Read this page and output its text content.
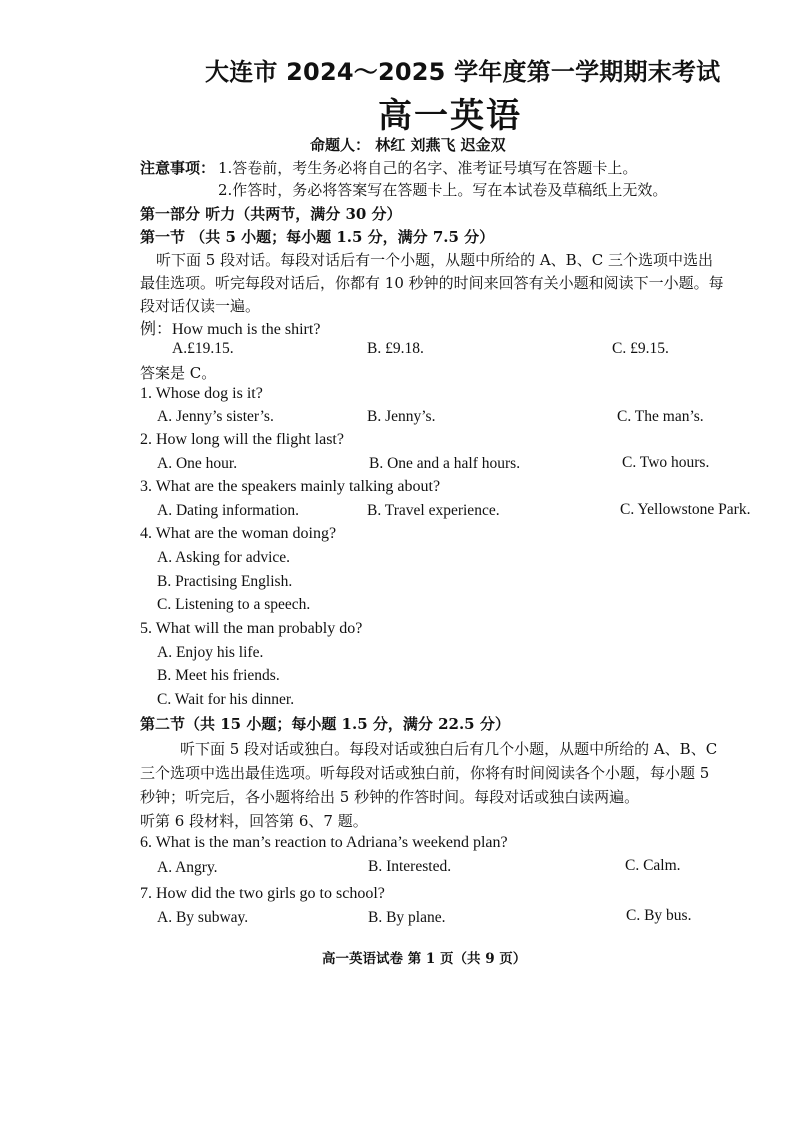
大连市 2024～2025 学年度第一学期期末考试
高一英语
命题人： 林红 刘燕飞 迟金双
注意事项： 1.答卷前，考生务必将自己的名字、准考证号填写在答题卡上。
2.作答时，务必将答案写在答题卡上。写在本试卷及草稿纸上无效。
第一部分 听力（共两节，满分 30 分）
第一节 （共 5 小题；每小题 1.5 分，满分 7.5 分）
听下面 5 段对话。每段对话后有一个小题，从题中所给的 A、B、C 三个选项中选出
最佳选项。听完每段对话后，你都有 10 秒钟的时间来回答有关小题和阅读下一小题。每
段对话仅读一遍。
例：How much is the shirt?
A.£19.15.	B. £9.18.	C. £9.15.
答案是 C。
1. Whose dog is it?
A. Jenny’s sister’s.	B. Jenny’s.	C. The man’s.
2. How long will the flight last?
A. One hour.	B. One and a half hours.	C. Two hours.
3. What are the speakers mainly talking about?
A. Dating information.	B. Travel experience.	C. Yellowstone Park.
4. What are the woman doing?
A. Asking for advice.
B. Practising English.
C. Listening to a speech.
5. What will the man probably do?
A. Enjoy his life.
B. Meet his friends.
C. Wait for his dinner.
第二节（共 15 小题；每小题 1.5 分，满分 22.5 分）
听下面 5 段对话或独白。每段对话或独白后有几个小题，从题中所给的 A、B、C
三个选项中选出最佳选项。听每段对话或独白前，你将有时间阅读各个小题，每小题 5
秒钟；听完后，各小题将给出 5 秒钟的作答时间。每段对话或独白读两遍。
听第 6 段材料，回答第 6、7 题。
6. What is the man’s reaction to Adriana’s weekend plan?
A. Angry.	B. Interested.	C. Calm.
7. How did the two girls go to school?
A. By subway.	B. By plane.	C. By bus.
高一英语试卷 第 1 页（共 9 页）
